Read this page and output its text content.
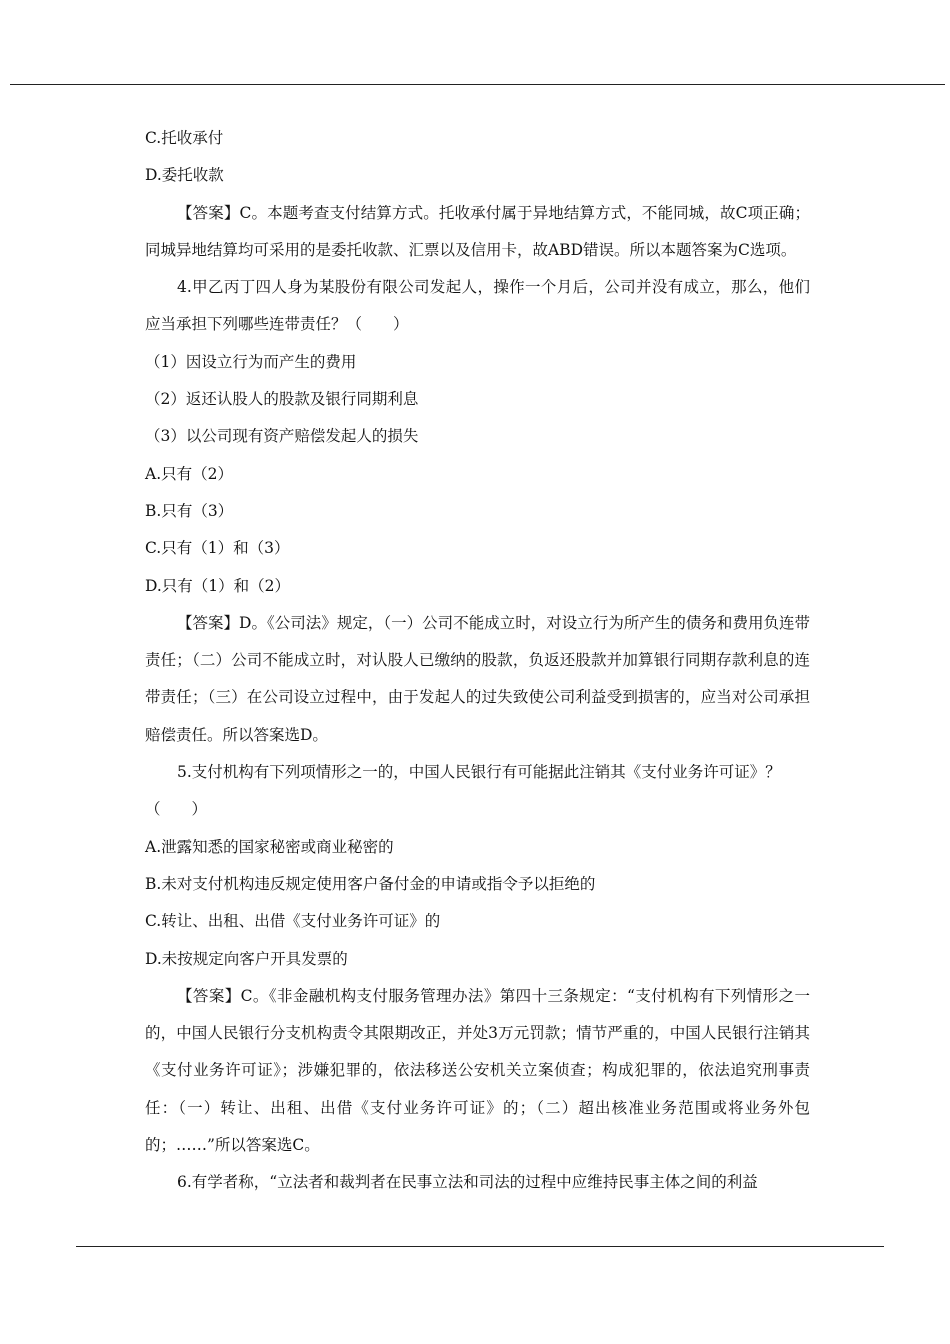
C.托收承付

D.委托收款

【答案】C。本题考查支付结算方式。托收承付属于异地结算方式，不能同城，故C项正确；同城异地结算均可采用的是委托收款、汇票以及信用卡，故ABD错误。所以本题答案为C选项。

4.甲乙丙丁四人身为某股份有限公司发起人，操作一个月后，公司并没有成立，那么，他们应当承担下列哪些连带责任？（　　）

（1）因设立行为而产生的费用

（2）返还认股人的股款及银行同期利息

（3）以公司现有资产赔偿发起人的损失

A.只有（2）

B.只有（3）

C.只有（1）和（3）

D.只有（1）和（2）

【答案】D。《公司法》规定，（一）公司不能成立时，对设立行为所产生的债务和费用负连带责任；（二）公司不能成立时，对认股人已缴纳的股款，负返还股款并加算银行同期存款利息的连带责任；（三）在公司设立过程中，由于发起人的过失致使公司利益受到损害的，应当对公司承担赔偿责任。所以答案选D。

5.支付机构有下列项情形之一的，中国人民银行有可能据此注销其《支付业务许可证》？

（　　）

A.泄露知悉的国家秘密或商业秘密的

B.未对支付机构违反规定使用客户备付金的申请或指令予以拒绝的

C.转让、出租、出借《支付业务许可证》的

D.未按规定向客户开具发票的

【答案】C。《非金融机构支付服务管理办法》第四十三条规定：“支付机构有下列情形之一的，中国人民银行分支机构责令其限期改正，并处3万元罚款；情节严重的，中国人民银行注销其《支付业务许可证》；涉嫌犯罪的，依法移送公安机关立案侦查；构成犯罪的，依法追究刑事责任：（一）转让、出租、出借《支付业务许可证》的；（二）超出核准业务范围或将业务外包的；……”所以答案选C。

6.有学者称，“立法者和裁判者在民事立法和司法的过程中应维持民事主体之间的利益
